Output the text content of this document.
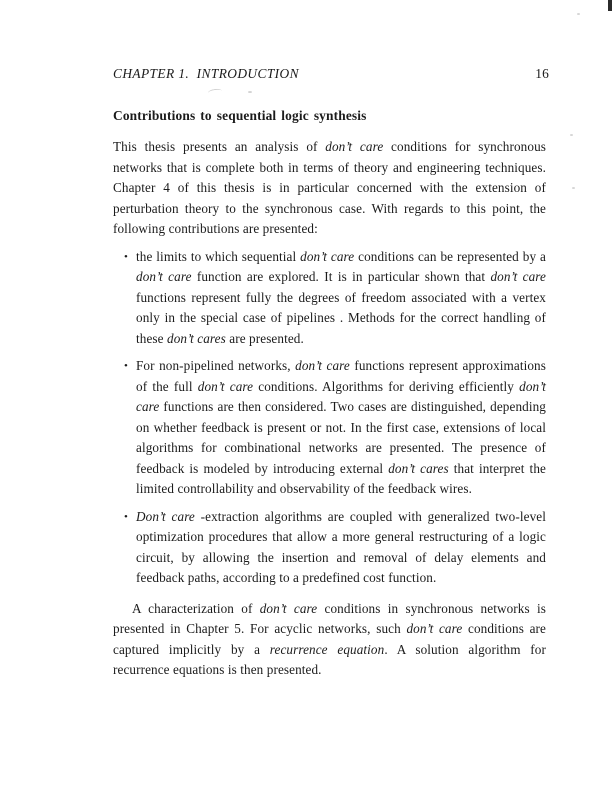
CHAPTER 1.  INTRODUCTION	16
Contributions to sequential logic synthesis

This thesis presents an analysis of don’t care conditions for synchronous networks that is complete both in terms of theory and engineering techniques. Chapter 4 of this thesis is in particular concerned with the extension of perturbation theory to the synchronous case. With regards to this point, the following contributions are presented:

• the limits to which sequential don’t care conditions can be represented by a don’t care function are explored. It is in particular shown that don’t care functions represent fully the degrees of freedom associated with a vertex only in the special case of pipelines . Methods for the correct handling of these don’t cares are presented.
• For non-pipelined networks, don’t care functions represent approximations of the full don’t care conditions. Algorithms for deriving efficiently don’t care functions are then considered. Two cases are distinguished, depending on whether feedback is present or not. In the first case, extensions of local algorithms for combinational networks are presented. The presence of feedback is modeled by introducing external don’t cares that interpret the limited controllability and observability of the feedback wires.
• Don’t care -extraction algorithms are coupled with generalized two-level optimization procedures that allow a more general restructuring of a logic circuit, by allowing the insertion and removal of delay elements and feedback paths, according to a predefined cost function.

A characterization of don’t care conditions in synchronous networks is presented in Chapter 5. For acyclic networks, such don’t care conditions are captured implicitly by a recurrence equation. A solution algorithm for recurrence equations is then presented.
